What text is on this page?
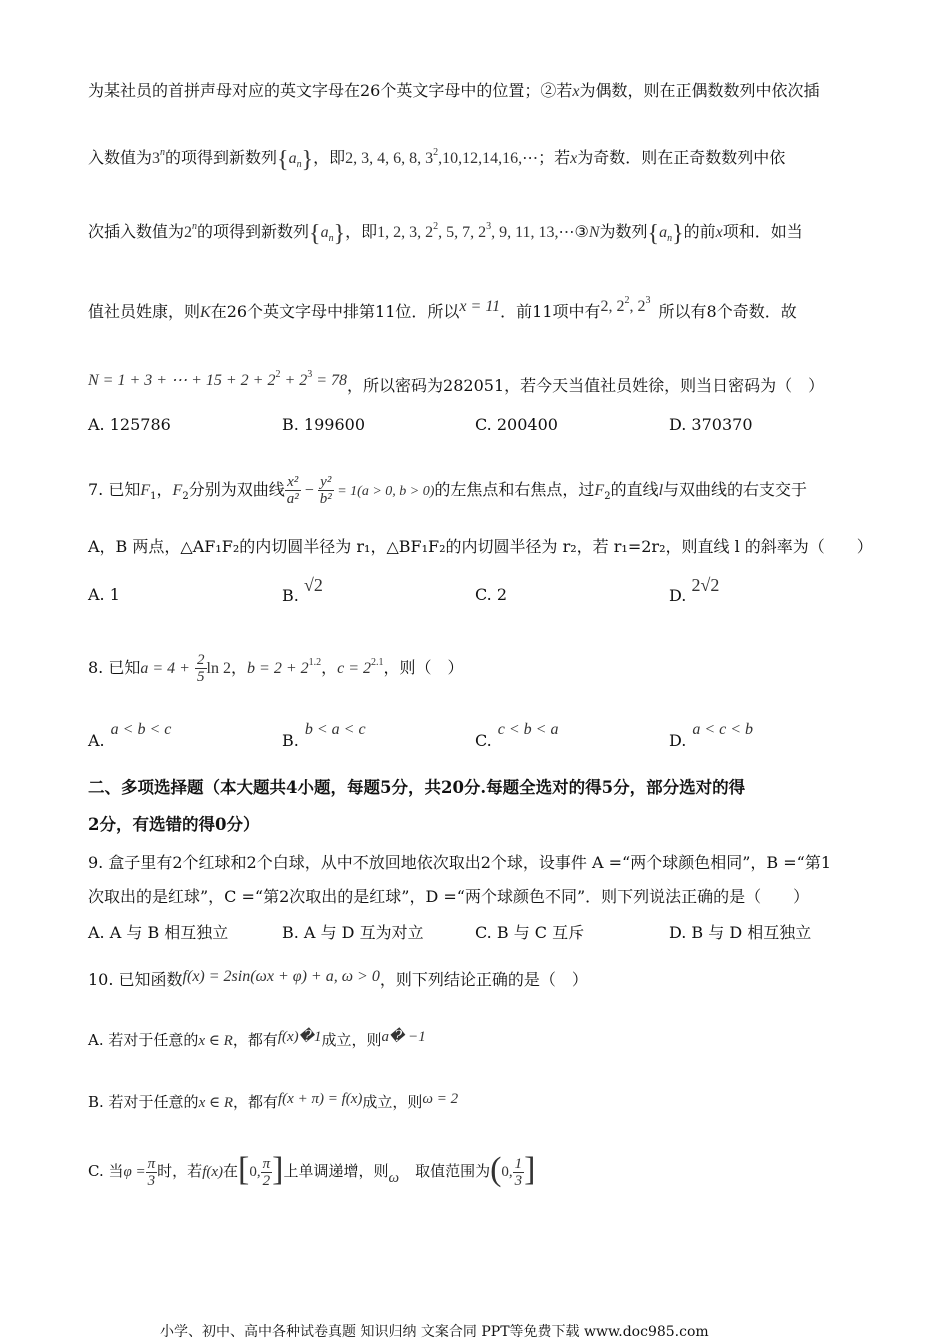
为某社员的首拼声母对应的英文字母在26个英文字母中的位置；②若x为偶数，则在正偶数数列中依次插
入数值为3$^n$的项得到新数列$\{a_n\}$，即2, 3, 4, 6, 8, $3^2,10,12,14,16,\cdots$；若x为奇数．则在正奇数数列中依
次插入数值为2$^n$的项得到新数列$\{a_n\}$，即1, 2, 3, $2^2$, 5, 7, $2^3$, 9, 11, 13,⋯③N为数列$\{a_n\}$的前x项和．如当
值社员姓康，则K在26个英文字母中排第11位．所以x = 11．前11项中有2, $2^2$, $2^3$所以有8个奇数．故
N = 1 + 3 + ⋯ + $15 + 2 + 2^2 + 2^3 = 78$，所以密码为282051，若今天当值社员姓徐，则当日密码为（　）
A. 125786	B. 199600	C. 200400	D. 370370
7. 已知$F_1$，$F_2$分别为双曲线 $\frac{\text{x²}}{\text{a²}} - \frac{\text{y²}}{\text{b²}} = 1(a > 0$, b > 0)的左焦点和右焦点，过$F_2$的直线l与双曲线的右支交于
A，B 两点，△AF₁F₂的内切圆半径为 r₁，△BF₁F₂的内切圆半径为 r₂，若 r₁=2r₂，则直线 l 的斜率为（　　）
A. 1	B. √2	C. 2	D. 2√2
8. 已知$a = 4 + \frac{2}{5}$ ln 2，$b = 2 + 2^{1.2}$，$c = 2^{2.1}$，则（　）
A.a < b < c
B.b < a < c
C.c < b < a
D.a < c < b
二、多项选择题（本大题共4小题，每题5分，共20分.每题全选对的得5分，部分选对的得
2分，有选错的得0分）
9. 盒子里有2个红球和2个白球，从中不放回地依次取出2个球，设事件 A =“两个球颜色相同”，B =“第1
次取出的是红球”，C =“第2次取出的是红球”，D =“两个球颜色不同”．则下列说法正确的是（　　）
A. A 与 B 相互独立	B. A 与 D 互为对立	C. B 与 C 互斥	D. B 与 D 相互独立
10. 已知函数f(x) = 2sin(ωx + φ) + a, ω > 0，则下列结论正确的是（　）
A. 若对于任意的x ∈ R，都有f(x)�1成立，则a� −1
B. 若对于任意的x ∈ R，都有f(x + π) = f(x)成立，则ω = 2
C. 当$\varphi = \frac{\pi}{3}$ 时，若f(x)在[0, $\frac{\pi}{2}$ ]上单调递增，则ω 取值范围为(0, $\frac{1}{3}$ ]
小学、初中、高中各种试卷真题 知识归纳 文案合同 PPT等免费下载 www.doc985.com
